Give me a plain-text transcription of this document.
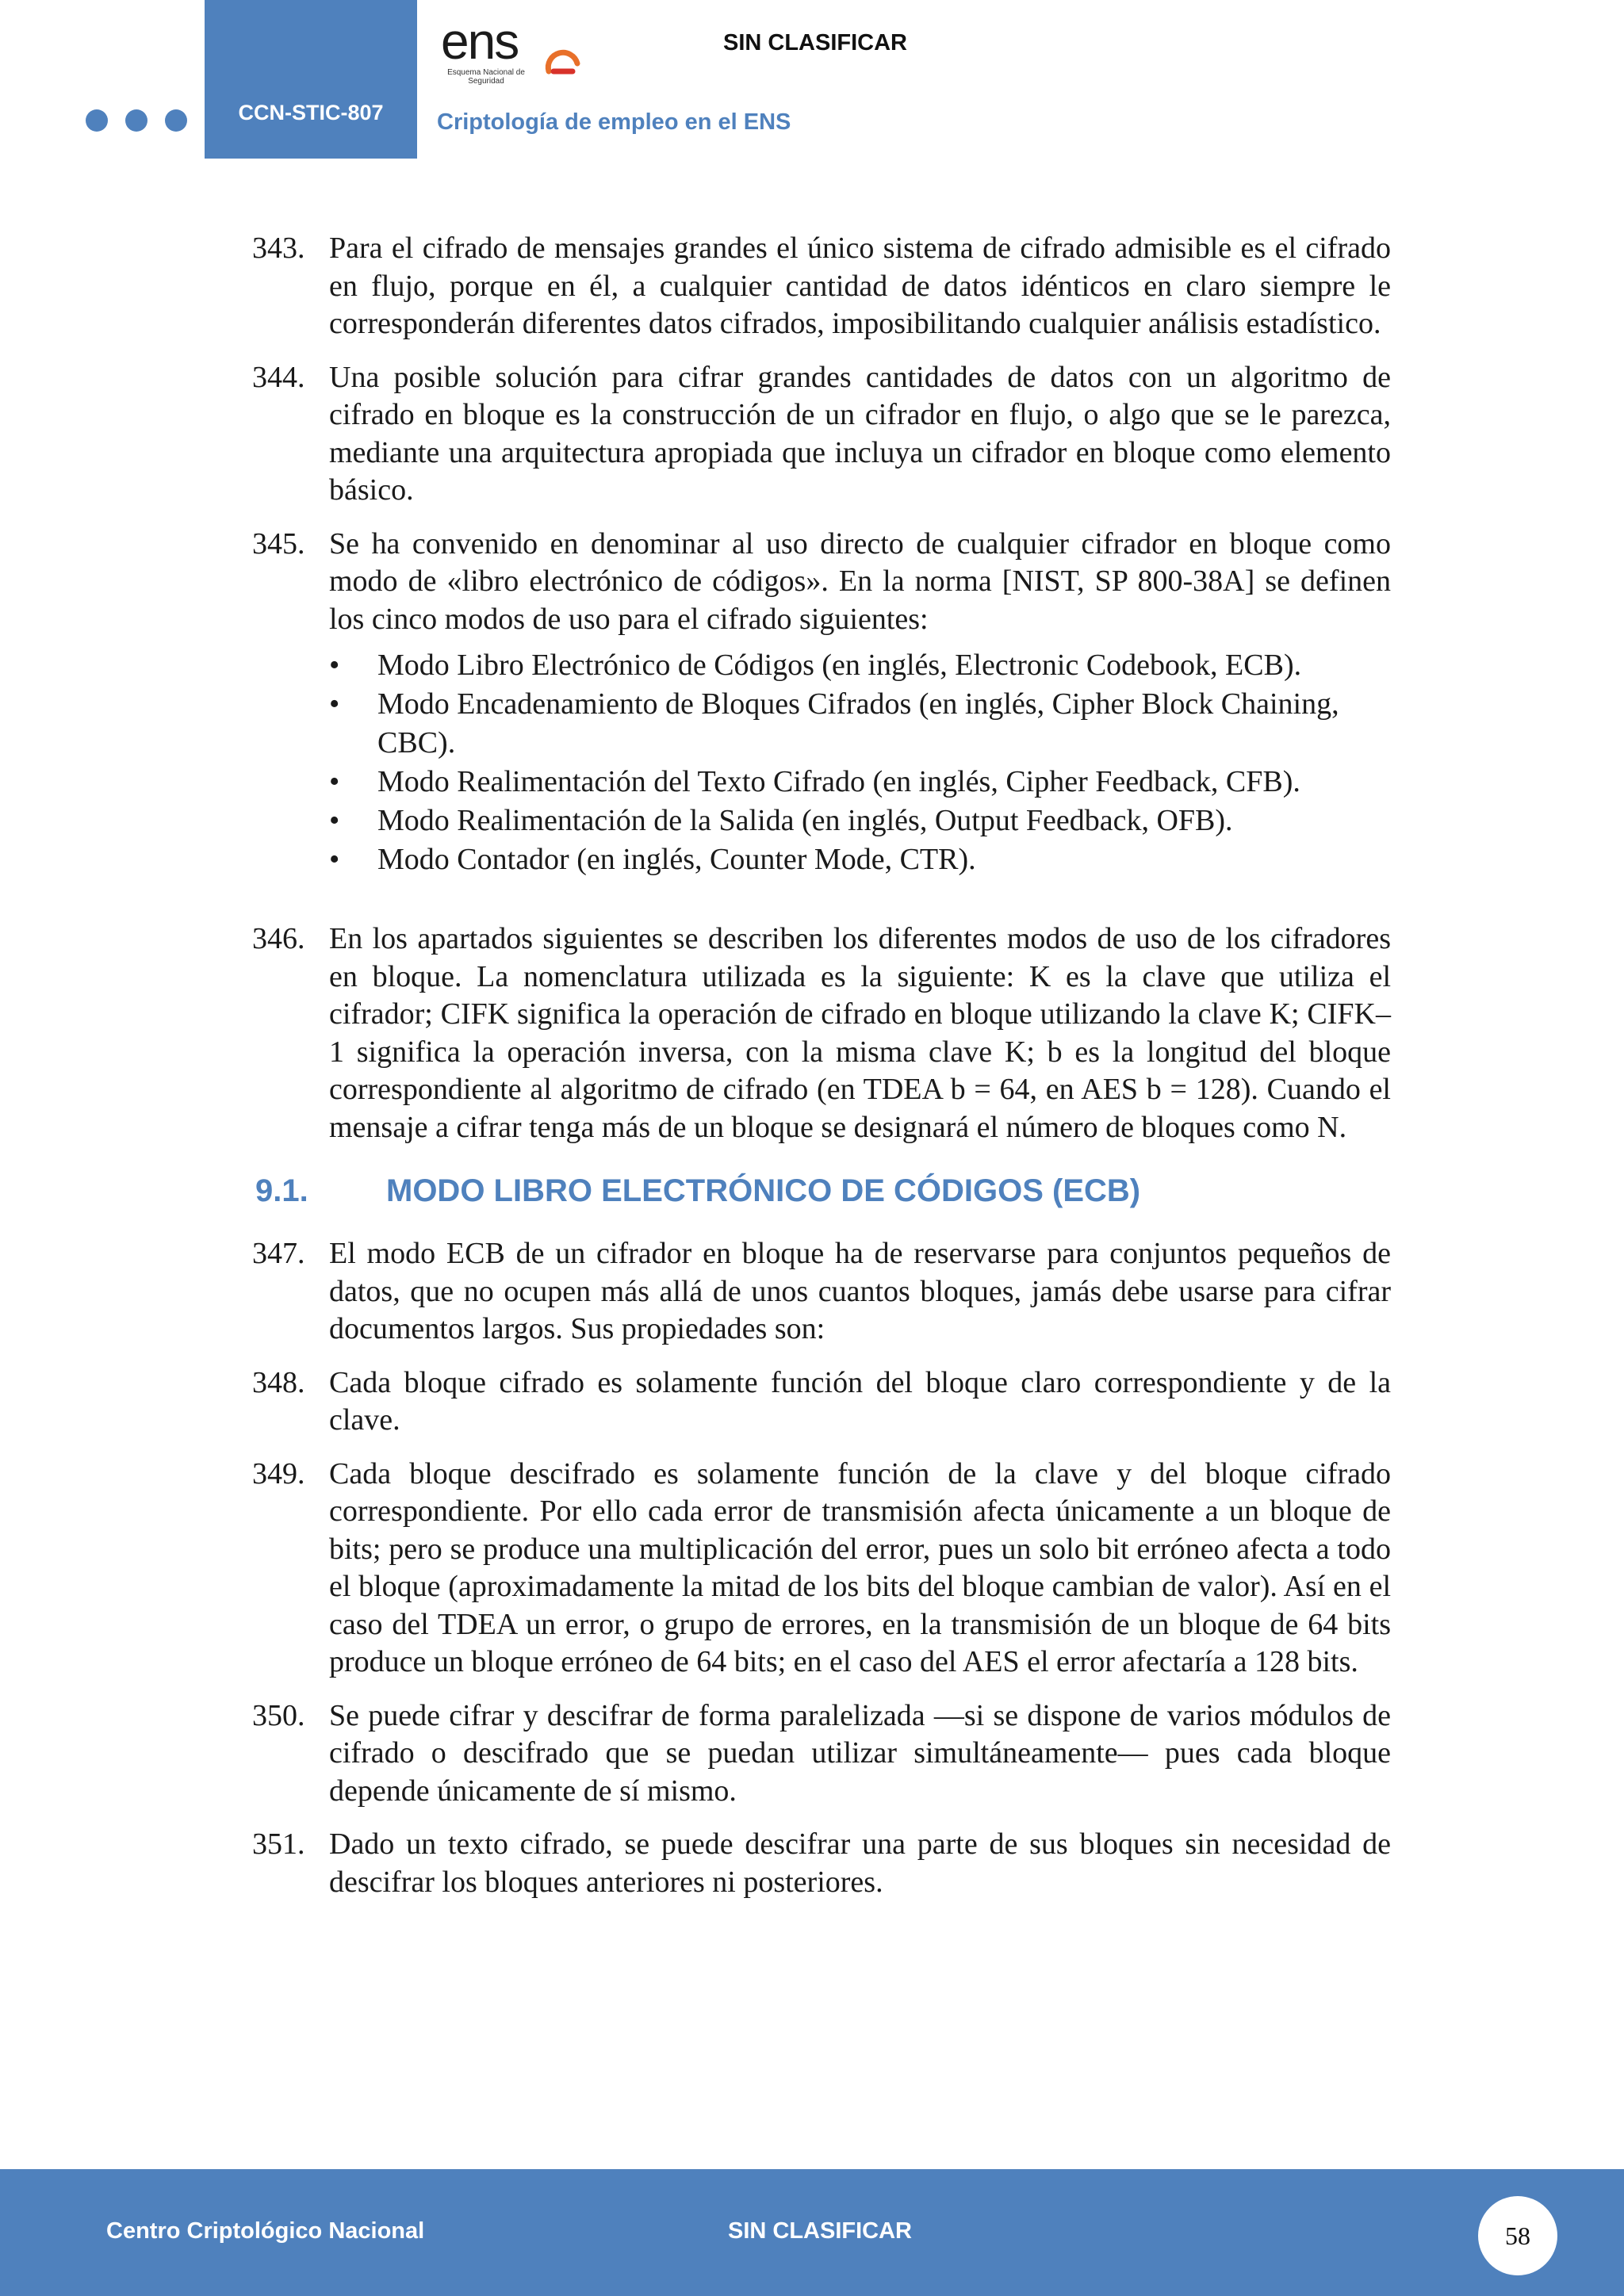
CCN-STIC-807
ens
Esquema Nacional de Seguridad
SIN CLASIFICAR
Criptología de empleo en el ENS
343. Para el cifrado de mensajes grandes el único sistema de cifrado admisible es el cifrado en flujo, porque en él, a cualquier cantidad de datos idénticos en claro siempre le corresponderán diferentes datos cifrados, imposibilitando cualquier análisis estadístico.
344. Una posible solución para cifrar grandes cantidades de datos con un algoritmo de cifrado en bloque es la construcción de un cifrador en flujo, o algo que se le parezca, mediante una arquitectura apropiada que incluya un cifrador en bloque como elemento básico.
345. Se ha convenido en denominar al uso directo de cualquier cifrador en bloque como modo de «libro electrónico de códigos». En la norma [NIST, SP 800-38A] se definen los cinco modos de uso para el cifrado siguientes:
• Modo Libro Electrónico de Códigos (en inglés, Electronic Codebook, ECB).
• Modo Encadenamiento de Bloques Cifrados (en inglés, Cipher Block Chaining, CBC).
• Modo Realimentación del Texto Cifrado (en inglés, Cipher Feedback, CFB).
• Modo Realimentación de la Salida (en inglés, Output Feedback, OFB).
• Modo Contador (en inglés, Counter Mode, CTR).
346. En los apartados siguientes se describen los diferentes modos de uso de los cifradores en bloque. La nomenclatura utilizada es la siguiente: K es la clave que utiliza el cifrador; CIFK significa la operación de cifrado en bloque utilizando la clave K; CIFK–1 significa la operación inversa, con la misma clave K; b es la longitud del bloque correspondiente al algoritmo de cifrado (en TDEA b = 64, en AES b = 128). Cuando el mensaje a cifrar tenga más de un bloque se designará el número de bloques como N.
9.1.	MODO LIBRO ELECTRÓNICO DE CÓDIGOS (ECB)
347. El modo ECB de un cifrador en bloque ha de reservarse para conjuntos pequeños de datos, que no ocupen más allá de unos cuantos bloques, jamás debe usarse para cifrar documentos largos. Sus propiedades son:
348. Cada bloque cifrado es solamente función del bloque claro correspondiente y de la clave.
349. Cada bloque descifrado es solamente función de la clave y del bloque cifrado correspondiente. Por ello cada error de transmisión afecta únicamente a un bloque de bits; pero se produce una multiplicación del error, pues un solo bit erróneo afecta a todo el bloque (aproximadamente la mitad de los bits del bloque cambian de valor). Así en el caso del TDEA un error, o grupo de errores, en la transmisión de un bloque de 64 bits produce un bloque erróneo de 64 bits; en el caso del AES el error afectaría a 128 bits.
350. Se puede cifrar y descifrar de forma paralelizada —si se dispone de varios módulos de cifrado o descifrado que se puedan utilizar simultáneamente— pues cada bloque depende únicamente de sí mismo.
351. Dado un texto cifrado, se puede descifrar una parte de sus bloques sin necesidad de descifrar los bloques anteriores ni posteriores.
Centro Criptológico Nacional	SIN CLASIFICAR	58
